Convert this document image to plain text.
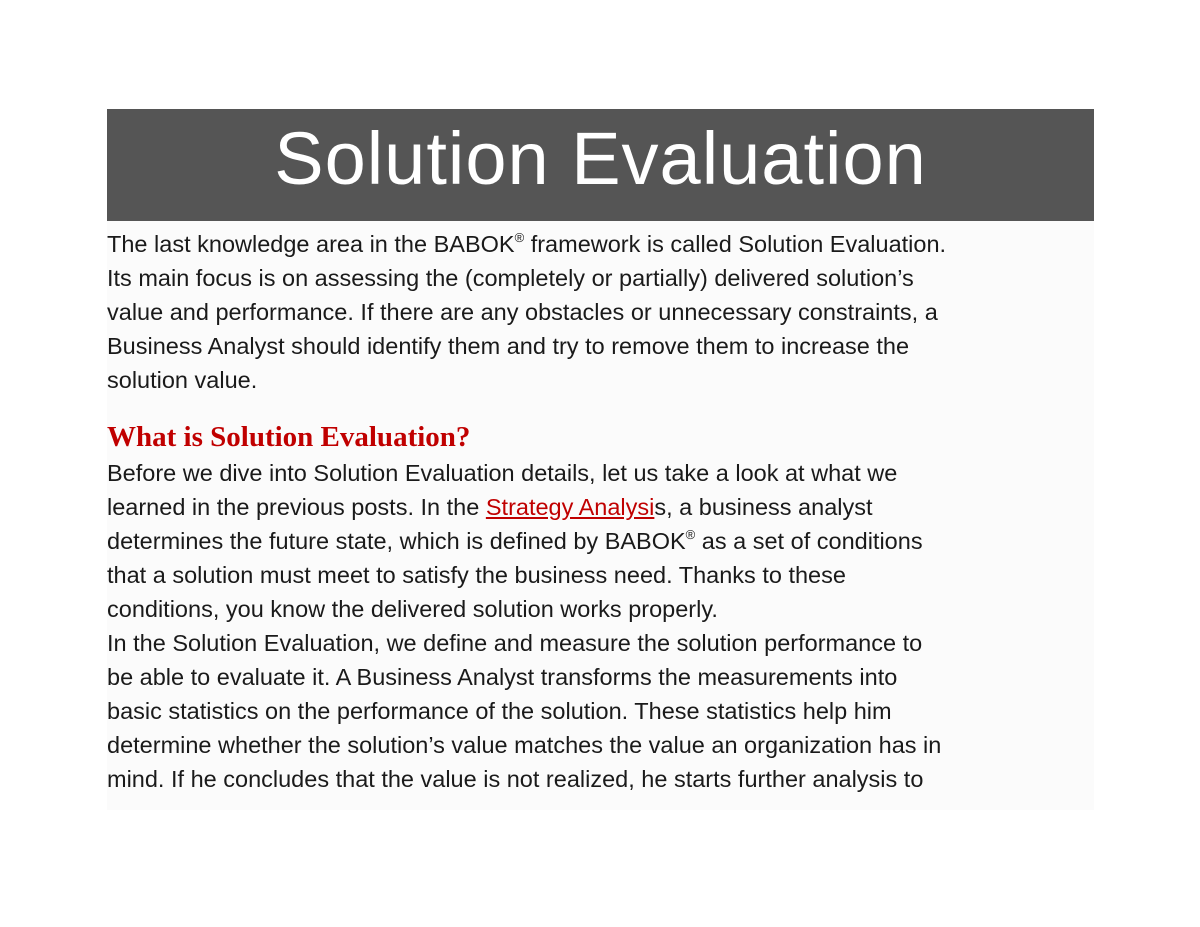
Solution Evaluation

The last knowledge area in the BABOK® framework is called Solution Evaluation.
Its main focus is on assessing the (completely or partially) delivered solution’s
value and performance. If there are any obstacles or unnecessary constraints, a
Business Analyst should identify them and try to remove them to increase the
solution value.

What is Solution Evaluation?

Before we dive into Solution Evaluation details, let us take a look at what we
learned in the previous posts. In the Strategy Analysis, a business analyst
determines the future state, which is defined by BABOK® as a set of conditions
that a solution must meet to satisfy the business need. Thanks to these
conditions, you know the delivered solution works properly.

In the Solution Evaluation, we define and measure the solution performance to
be able to evaluate it. A Business Analyst transforms the measurements into
basic statistics on the performance of the solution. These statistics help him
determine whether the solution’s value matches the value an organization has in
mind. If he concludes that the value is not realized, he starts further analysis to
